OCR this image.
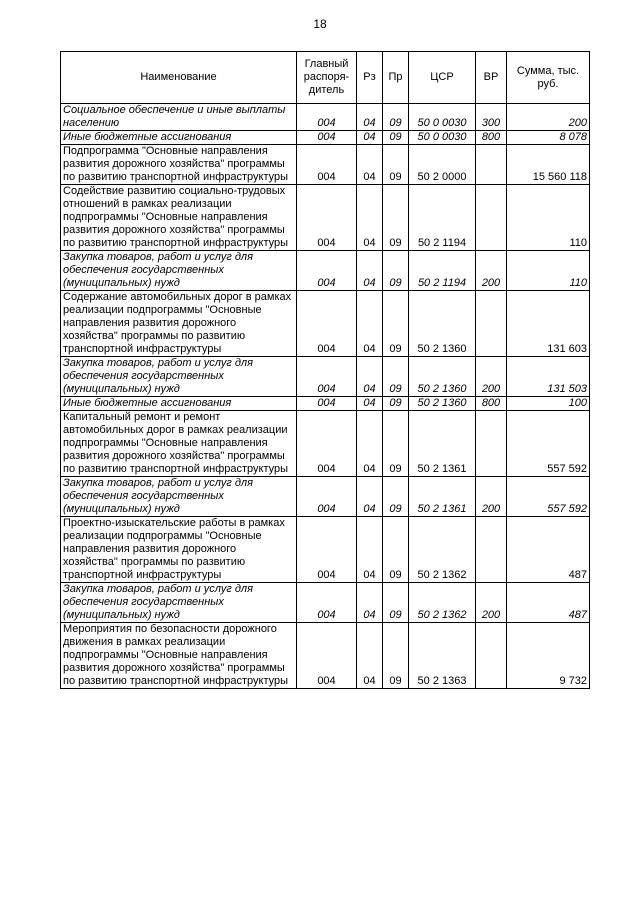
18
Наименование	Главный распоря-дитель	Рз	Пр	ЦСР	ВР	Сумма, тыс. руб.
Социальное обеспечение и иные выплаты населению	004	04	09	50 0 0030	300	200
Иные бюджетные ассигнования	004	04	09	50 0 0030	800	8 078
Подпрограмма "Основные направления развития дорожного хозяйства" программы по развитию транспортной инфраструктуры	004	04	09	50 2 0000		15 560 118
Содействие развитию социально-трудовых отношений в рамках реализации подпрограммы "Основные направления развития дорожного хозяйства" программы по развитию транспортной инфраструктуры	004	04	09	50 2 1194		110
Закупка товаров, работ и услуг для обеспечения государственных (муниципальных) нужд	004	04	09	50 2 1194	200	110
Содержание автомобильных дорог в рамках реализации подпрограммы "Основные направления развития дорожного хозяйства" программы по развитию транспортной инфраструктуры	004	04	09	50 2 1360		131 603
Закупка товаров, работ и услуг для обеспечения государственных (муниципальных) нужд	004	04	09	50 2 1360	200	131 503
Иные бюджетные ассигнования	004	04	09	50 2 1360	800	100
Капитальный ремонт и ремонт автомобильных дорог в рамках реализации подпрограммы "Основные направления развития дорожного хозяйства" программы по развитию транспортной инфраструктуры	004	04	09	50 2 1361		557 592
Закупка товаров, работ и услуг для обеспечения государственных (муниципальных) нужд	004	04	09	50 2 1361	200	557 592
Проектно-изыскательские работы в рамках реализации подпрограммы "Основные направления развития дорожного хозяйства" программы по развитию транспортной инфраструктуры	004	04	09	50 2 1362		487
Закупка товаров, работ и услуг для обеспечения государственных (муниципальных) нужд	004	04	09	50 2 1362	200	487
Мероприятия по безопасности дорожного движения в рамках реализации подпрограммы "Основные направления развития дорожного хозяйства" программы по развитию транспортной инфраструктуры	004	04	09	50 2 1363		9 732
